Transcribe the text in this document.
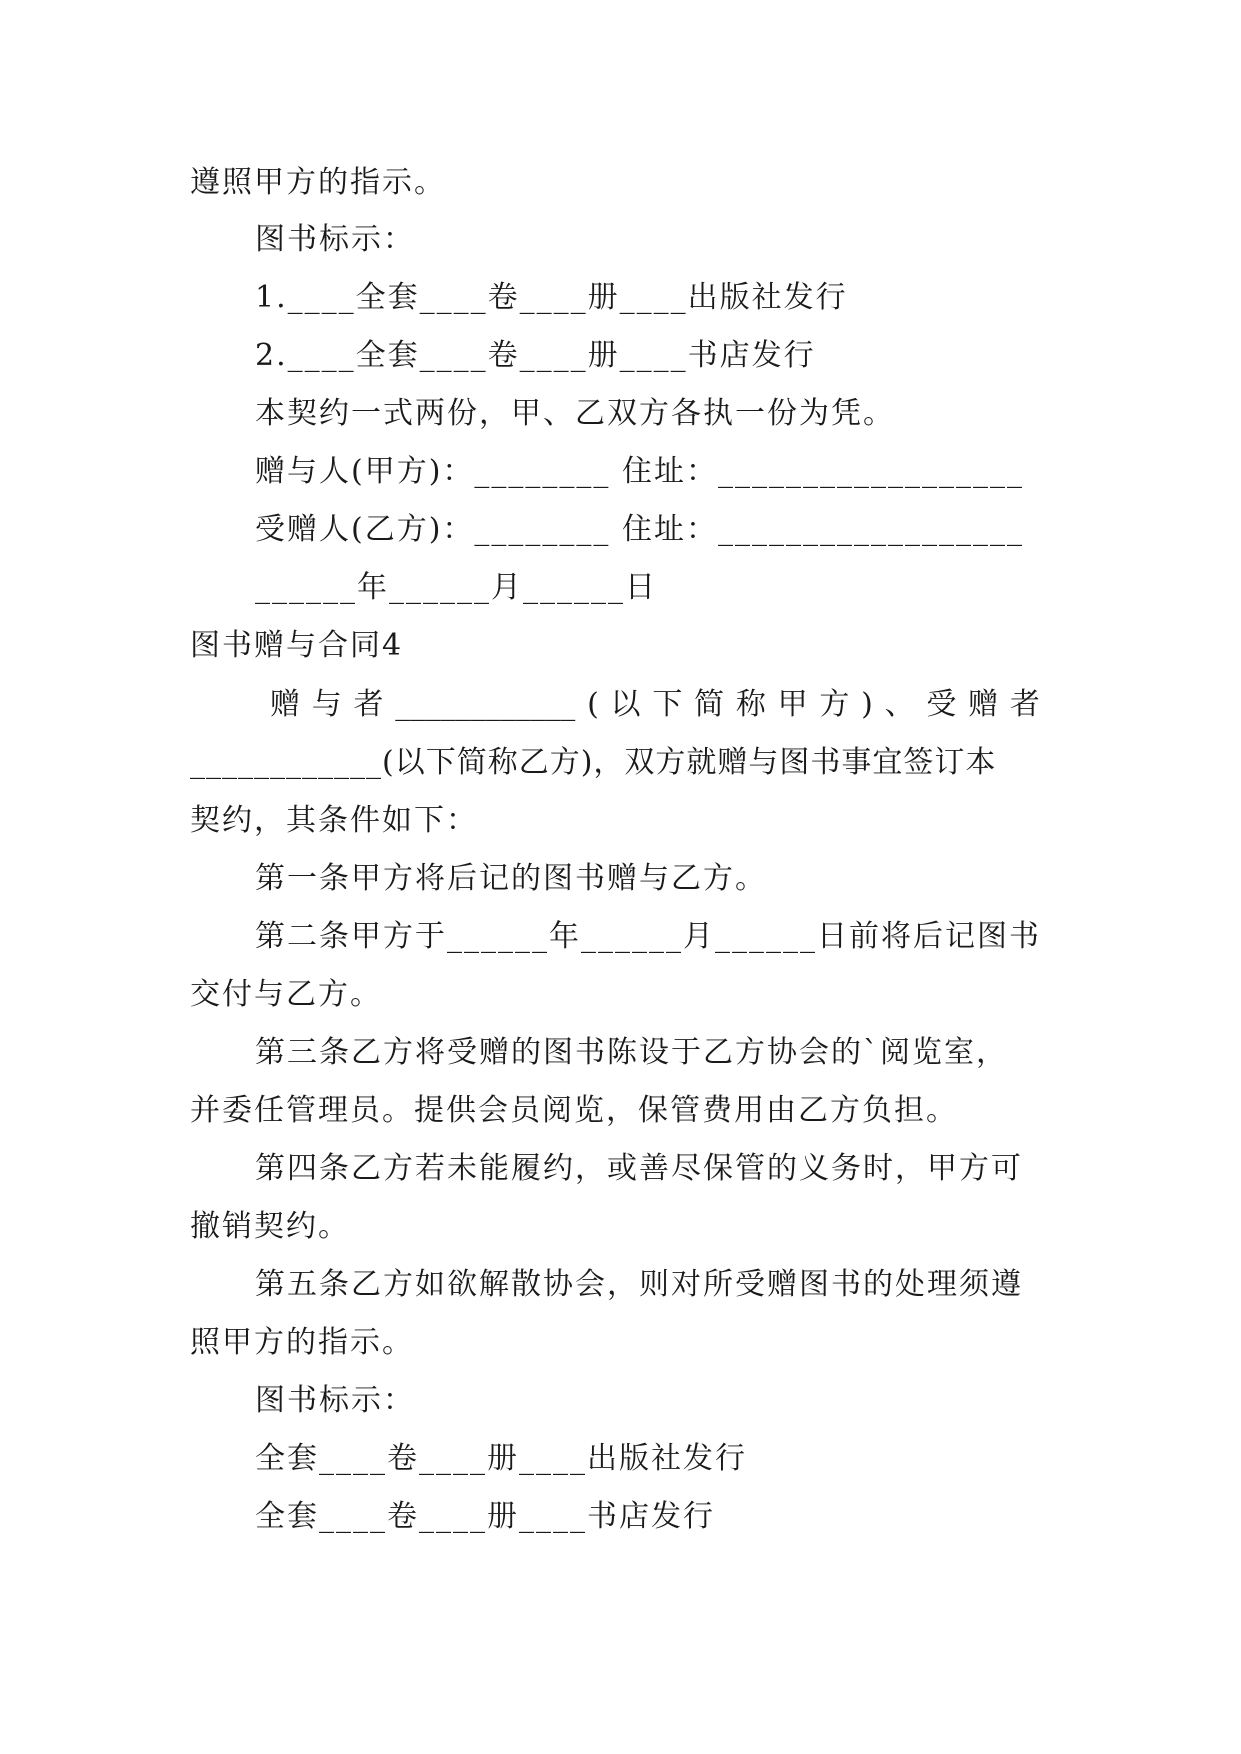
遵照甲方的指示。
图书标示：
1.____全套____卷____册____出版社发行
2.____全套____卷____册____书店发行
本契约一式两份，甲、乙双方各执一份为凭。
赠与人(甲方)：________ 住址：__________________
受赠人(乙方)：________ 住址：__________________
______年______月______日
图书赠与合同4
赠 与 者 ____________ ( 以 下 简 称 甲 方 ) 、 受 赠 者
____________(以下简称乙方)，双方就赠与图书事宜签订本
契约，其条件如下：
第一条甲方将后记的图书赠与乙方。
第二条甲方于______年______月______日前将后记图书
交付与乙方。
第三条乙方将受赠的图书陈设于乙方协会的`阅览室，
并委任管理员。提供会员阅览，保管费用由乙方负担。
第四条乙方若未能履约，或善尽保管的义务时，甲方可
撤销契约。
第五条乙方如欲解散协会，则对所受赠图书的处理须遵
照甲方的指示。
图书标示：
全套____卷____册____出版社发行
全套____卷____册____书店发行
